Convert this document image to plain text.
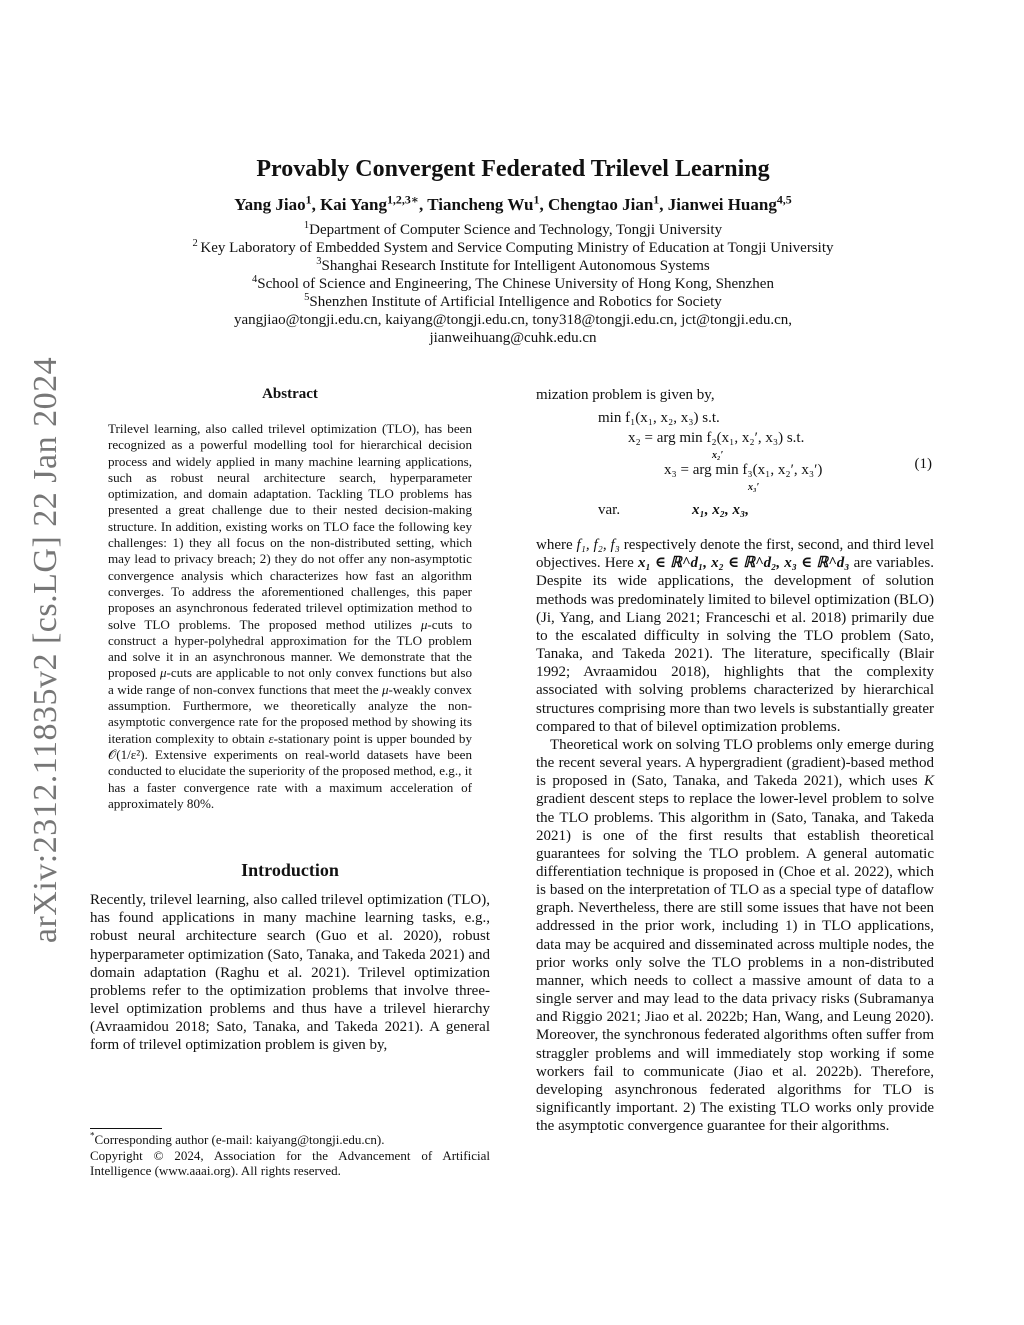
arXiv:2312.11835v2 [cs.LG] 22 Jan 2024
Provably Convergent Federated Trilevel Learning
Yang Jiao$^1$, Kai Yang$^{1,2,3∗}$, Tiancheng Wu$^1$, Chengtao Jian$^1$, Jianwei Huang$^{4,5}$
$^1$Department of Computer Science and Technology, Tongji University
$^2$ Key Laboratory of Embedded System and Service Computing Ministry of Education at Tongji University
$^3$Shanghai Research Institute for Intelligent Autonomous Systems
$^4$School of Science and Engineering, The Chinese University of Hong Kong, Shenzhen
$^5$Shenzhen Institute of Artificial Intelligence and Robotics for Society
yangjiao@tongji.edu.cn, kaiyang@tongji.edu.cn, tony318@tongji.edu.cn, jct@tongji.edu.cn,
jianweihuang@cuhk.edu.cn
Abstract

Trilevel learning, also called trilevel optimization (TLO), has been recognized as a powerful modelling tool for hierarchical decision process and widely applied in many machine learning applications, such as robust neural architecture search, hyperparameter optimization, and domain adaptation. Tackling TLO problems has presented a great challenge due to their nested decision-making structure. In addition, existing works on TLO face the following key challenges: 1) they all focus on the non-distributed setting, which may lead to privacy breach; 2) they do not offer any non-asymptotic convergence analysis which characterizes how fast an algorithm converges. To address the aforementioned challenges, this paper proposes an asynchronous federated trilevel optimization method to solve TLO problems. The proposed method utilizes μ-cuts to construct a hyper-polyhedral approximation for the TLO problem and solve it in an asynchronous manner. We demonstrate that the proposed μ-cuts are applicable to not only convex functions but also a wide range of non-convex functions that meet the μ-weakly convex assumption. Furthermore, we theoretically analyze the non-asymptotic convergence rate for the proposed method by showing its iteration complexity to obtain ε-stationary point is upper bounded by 𝒪(1/ε²). Extensive experiments on real-world datasets have been conducted to elucidate the superiority of the proposed method, e.g., it has a faster convergence rate with a maximum acceleration of approximately 80%.

Introduction

Recently, trilevel learning, also called trilevel optimization (TLO), has found applications in many machine learning tasks, e.g., robust neural architecture search (Guo et al. 2020), robust hyperparameter optimization (Sato, Tanaka, and Takeda 2021) and domain adaptation (Raghu et al. 2021). Trilevel optimization problems refer to the optimization problems that involve three-level optimization problems and thus have a trilevel hierarchy (Avraamidou 2018; Sato, Tanaka, and Takeda 2021). A general form of trilevel optimization problem is given by,

*Corresponding author (e-mail: kaiyang@tongji.edu.cn).
Copyright © 2024, Association for the Advancement of Artificial Intelligence (www.aaai.org). All rights reserved.

mization problem is given by,

min f₁(x₁, x₂, x₃) s.t.
x₂ = arg min f₂(x₁, x₂′, x₃) s.t.
x₂′
x₃ = arg min f₃(x₁, x₂′, x₃′)
x₃′
var.	x₁, x₂, x₃,
(1)

where f₁, f₂, f₃ respectively denote the first, second, and third level objectives. Here x₁ ∈ ℝ^d₁, x₂ ∈ ℝ^d₂, x₃ ∈ ℝ^d₃ are variables. Despite its wide applications, the development of solution methods was predominately limited to bilevel optimization (BLO) (Ji, Yang, and Liang 2021; Franceschi et al. 2018) primarily due to the escalated difficulty in solving the TLO problem (Sato, Tanaka, and Takeda 2021). The literature, specifically (Blair 1992; Avraamidou 2018), highlights that the complexity associated with solving problems characterized by hierarchical structures comprising more than two levels is substantially greater compared to that of bilevel optimization problems.

Theoretical work on solving TLO problems only emerge during the recent several years. A hypergradient (gradient)-based method is proposed in (Sato, Tanaka, and Takeda 2021), which uses K gradient descent steps to replace the lower-level problem to solve the TLO problems. This algorithm in (Sato, Tanaka, and Takeda 2021) is one of the first results that establish theoretical guarantees for solving the TLO problem. A general automatic differentiation technique is proposed in (Choe et al. 2022), which is based on the interpretation of TLO as a special type of dataflow graph. Nevertheless, there are still some issues that have not been addressed in the prior work, including 1) in TLO applications, data may be acquired and disseminated across multiple nodes, the prior works only solve the TLO problems in a non-distributed manner, which needs to collect a massive amount of data to a single server and may lead to the data privacy risks (Subramanya and Riggio 2021; Jiao et al. 2022b; Han, Wang, and Leung 2020). Moreover, the synchronous federated algorithms often suffer from straggler problems and will immediately stop working if some workers fail to communicate (Jiao et al. 2022b). Therefore, developing asynchronous federated algorithms for TLO is significantly important. 2) The existing TLO works only provide the asymptotic convergence guarantee for their algorithms.
